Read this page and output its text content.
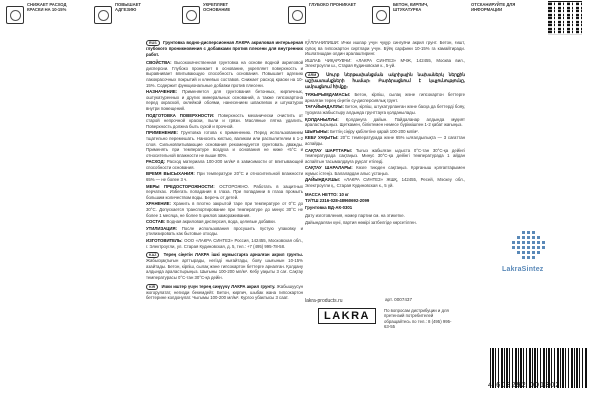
СНИЖАЕТ РАСХОД КРАСКИ НА 10-15%
ПОВЫШАЕТ АДГЕЗИЮ
УКРЕПЛЯЕТ ОСНОВАНИЕ
ГЛУБОКО ПРОНИКАЕТ	БЕТОН, КИРПИЧ, ШТУКАТУРКА
ОТСКАНИРУЙТЕ ДЛЯ ИНФОРМАЦИИ
RUS Грунтовка водно-дисперсионная ЛАКРА акриловая интерьерная глубокого проникновения с добавками против плесени для внутренних работ.
СВОЙСТВА: Высококачественная грунтовка на основе водной акриловой дисперсии. Глубоко проникает в основание, укрепляет поверхность и выравнивает впитывающую способность основания. Повышает адгезию лакокрасочных покрытий и клеевых составов. Снижает расход краски на 10-15%. Содержит функциональные добавки против плесени.
НАЗНАЧЕНИЕ: Применяется для грунтования бетонных, кирпичных, оштукатуренных и других минеральных оснований, а также гипсокартона перед окраской, оклейкой обоями, нанесением шпаклевок и штукатурок внутри помещений.
ПОДГОТОВКА ПОВЕРХНОСТИ: Поверхность механически очистить от старой непрочной краски, пыли и грязи. Масляные пятна удалить. Поверхность должна быть сухой и прочной.
ПРИМЕНЕНИЕ: Грунтовка готова к применению. Перед использованием тщательно перемешать. Наносить кистью, валиком или распылителем в 1-2 слоя. Сильновпитывающие основания рекомендуется грунтовать дважды. Применять при температуре воздуха и основания не ниже +5°С и относительной влажности не выше 80%.
РАСХОД: Расход материала 100-200 мл/м² в зависимости от впитывающей способности основания.
ВРЕМЯ ВЫСЫХАНИЯ: При температуре 20°С и относительной влажности 65% — не более 3 ч.
МЕРЫ ПРЕДОСТОРОЖНОСТИ: ОСТОРОЖНО. Работать в защитных перчатках. Избегать попадания в глаза. При попадании в глаза промыть большим количеством воды. Беречь от детей.
ХРАНЕНИЕ: Хранить в плотно закрытой таре при температуре от 0°С до 30°С. Допускается транспортирование при температуре до минус 30°С не более 1 месяца, не более 5 циклов замораживания.
СОСТАВ: Водная акриловая дисперсия, вода, целевые добавки.
УТИЛИЗАЦИЯ: После использования просушить пустую упаковку и утилизировать как бытовые отходы.
ИЗГОТОВИТЕЛЬ: ООО «ЛАКРА СИНТЕЗ» Россия, 142455, Московская обл., г. Электроугли, ул. Старая Кудиновская, д. 5, тел.: +7 (495) 995-78-58.
KAZ Терең сіңетін ЛАКРА ішкі жұмыстарға арналған акрил грунты. Жабысқақтығын арттырады, негізді нығайтады, бояу шығынын 10-15% азайтады. Бетон, кірпіш, сылақ және гипсокартон беттерге арналған. Қолдану алдында араластырыңыз. Шығыны 100-200 мл/м². Кебу уақыты 3 сағ. Сақтау температурасы 0°С-тан 30°С-қа дейін.
KIR Ички иштер үчүн терең сиңүүчү ЛАКРА акрил грунту. Жабышуусун жогорулатат, негизди бекемдейт. Бетон, кирпич, шыбак жана гипсокартон беттерине колдонулат. Чыгымы 100-200 мл/м². Кургоо убактысы 3 саат.
ҚЎЛЛАНИЛИШИ: Ички ишлар учун чуқур сингувчи акрил грунт. Бетон, ғишт, сувоқ ва гипсокартон сиртлари учун. Бўёқ сарфини 10-15% га камайтиради. Ишлатишдан олдин аралаштиринг.
ИШЛАБ ЧИҚАРУВЧИ: «ЛАКРА СИНТЕЗ» МЧЖ, 142455, Москва вил., Электроугли ш., Старая Кудиновская к., 5-уй.
ARM Սուրբ ներթափանցման ակրիլային նախաներկ ներքին աշխատանքների համար։ Բարձրացնում է կպչունությունը, ամրացնում հիմքը։
ТҰЖЫРЫМДАМАСЫ: Бетон, кірпіш, сылақ және гипсокартон беттерге арналған терең сіңетін су-дисперсиялық грунт.
ТАҒАЙЫНДАЛУЫ: Бетон, кірпіш, штукатурланған және басқа да беттерді бояу, тұсқағаз жабыстыру алдында грунттауға қолданылады.
ҚОЛДАНЫЛУЫ: Қолдануға дайын. Пайдаланар алдында мұқият араластырыңыз. Щеткамен, біліктемен немесе бүріккішпен 1-2 қабат жағыңыз.
ШЫҒЫНЫ: Беттің сіңіру қабілетіне қарай 100-200 мл/м².
КЕБУ УАҚЫТЫ: 20°С температурада және 65% ылғалдылықта — 3 сағаттан аспайды.
САҚТАУ ШАРТТАРЫ: Тығыз жабылған ыдыста 0°С-тан 30°С-қа дейінгі температурада сақтаңыз. Минус 30°С-қа дейінгі температурада 1 айдан аспайтын тасымалдауға рұқсат етіледі.
САҚТАУ ШАРАЛАРЫ: Көзге тиюден сақтаңыз. Қорғаныш қолғаптарымен жұмыс істеңіз. Балалардан алыс ұстаңыз.
ДАЙЫНДАУШЫ: «ЛАКРА СИНТЕЗ» ЖШҚ, 142455, Ресей, Мәскеу обл., Электроугли қ., Старая Кудиновская к., 5 үй.
МАССА НЕТТО: 10 кг
ТУ/ТШ 2316-028-48960692-2099
Грунтовка ВД-АК-0301
Дату изготовления, номер партии см. на этикетке.
Дайындалған күні, партия нөмірі затбелгіде көрсетілген.
LakraSintez
lakra-products.ru	арт. 0007437
LAKRA	По вопросам дистрибуции и для претензий потребителей обращайтесь по тел.: 8 (495) 995-63-55
4 603292 001302
